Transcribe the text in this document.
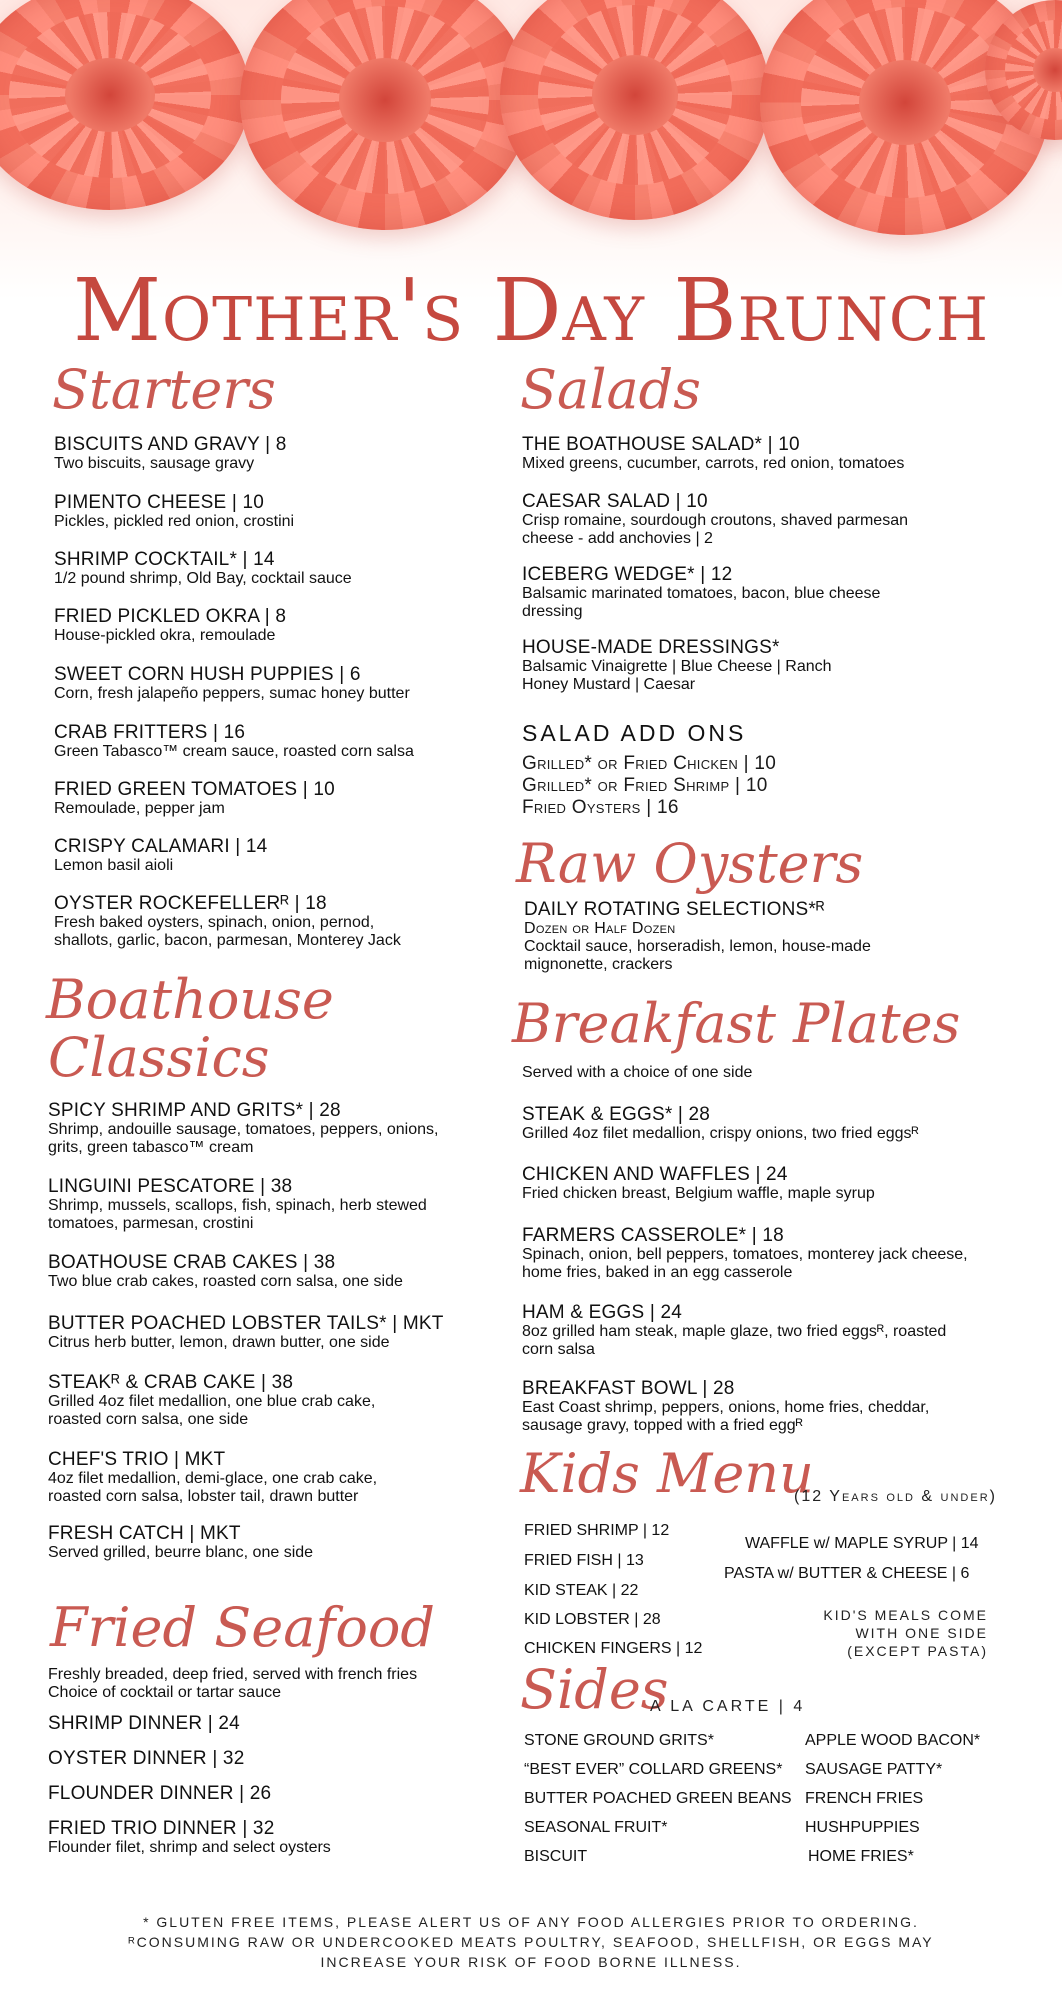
Mother's Day Brunch
Starters
BISCUITS AND GRAVY | 8
Two biscuits, sausage gravy
PIMENTO CHEESE | 10
Pickles, pickled red onion, crostini
SHRIMP COCKTAIL* | 14
1/2 pound shrimp, Old Bay, cocktail sauce
FRIED PICKLED OKRA | 8
House-pickled okra, remoulade
SWEET CORN HUSH PUPPIES | 6
Corn, fresh jalapeño peppers, sumac honey butter
CRAB FRITTERS | 16
Green Tabasco™ cream sauce, roasted corn salsa
FRIED GREEN TOMATOES | 10
Remoulade, pepper jam
CRISPY CALAMARI | 14
Lemon basil aioli
OYSTER ROCKEFELLERᴿ | 18
Fresh baked oysters, spinach, onion, pernod,
shallots, garlic, bacon, parmesan, Monterey Jack
Boathouse
Classics
SPICY SHRIMP AND GRITS* | 28
Shrimp, andouille sausage, tomatoes, peppers, onions,
grits, green tabasco™ cream
LINGUINI PESCATORE | 38
Shrimp, mussels, scallops, fish, spinach, herb stewed
tomatoes, parmesan, crostini
BOATHOUSE CRAB CAKES | 38
Two blue crab cakes, roasted corn salsa, one side
BUTTER POACHED LOBSTER TAILS* | MKT
Citrus herb butter, lemon, drawn butter, one side
STEAKᴿ & CRAB CAKE | 38
Grilled 4oz filet medallion, one blue crab cake,
roasted corn salsa, one side
CHEF'S TRIO | MKT
4oz filet medallion, demi-glace, one crab cake,
roasted corn salsa, lobster tail, drawn butter
FRESH CATCH | MKT
Served grilled, beurre blanc, one side
Fried Seafood
Freshly breaded, deep fried, served with french fries
Choice of cocktail or tartar sauce
SHRIMP DINNER | 24
OYSTER DINNER | 32
FLOUNDER DINNER | 26
FRIED TRIO DINNER | 32
Flounder filet, shrimp and select oysters
Salads
THE BOATHOUSE SALAD* | 10
Mixed greens, cucumber, carrots, red onion, tomatoes
CAESAR SALAD | 10
Crisp romaine, sourdough croutons, shaved parmesan
cheese - add anchovies | 2
ICEBERG WEDGE* | 12
Balsamic marinated tomatoes, bacon, blue cheese
dressing
HOUSE-MADE DRESSINGS*
Balsamic Vinaigrette | Blue Cheese | Ranch
Honey Mustard | Caesar
SALAD ADD ONS
Grilled* or Fried Chicken | 10
Grilled* or Fried Shrimp | 10
Fried Oysters | 16
Raw Oysters
DAILY ROTATING SELECTIONS*ᴿ
Dozen or Half Dozen
Cocktail sauce, horseradish, lemon, house-made
mignonette, crackers
Breakfast Plates
Served with a choice of one side
STEAK & EGGS* | 28
Grilled 4oz filet medallion, crispy onions, two fried eggsᴿ
CHICKEN AND WAFFLES | 24
Fried chicken breast, Belgium waffle, maple syrup
FARMERS CASSEROLE* | 18
Spinach, onion, bell peppers, tomatoes, monterey jack cheese,
home fries, baked in an egg casserole
HAM & EGGS | 24
8oz grilled ham steak, maple glaze, two fried eggsᴿ, roasted
corn salsa
BREAKFAST BOWL | 28
East Coast shrimp, peppers, onions, home fries, cheddar,
sausage gravy, topped with a fried eggᴿ
Kids Menu
(12 Years old & under)
FRIED SHRIMP | 12
FRIED FISH | 13
KID STEAK | 22
KID LOBSTER | 28
CHICKEN FINGERS | 12
WAFFLE w/ MAPLE SYRUP | 14
PASTA w/ BUTTER & CHEESE | 6
KID'S MEALS COME
WITH ONE SIDE
(EXCEPT PASTA)
Sides
A LA CARTE | 4
STONE GROUND GRITS*
“BEST EVER” COLLARD GREENS*
BUTTER POACHED GREEN BEANS
SEASONAL FRUIT*
BISCUIT
APPLE WOOD BACON*
SAUSAGE PATTY*
FRENCH FRIES
HUSHPUPPIES
HOME FRIES*
* GLUTEN FREE ITEMS, PLEASE ALERT US OF ANY FOOD ALLERGIES PRIOR TO ORDERING.
ᴿCONSUMING RAW OR UNDERCOOKED MEATS POULTRY, SEAFOOD, SHELLFISH, OR EGGS MAY
INCREASE YOUR RISK OF FOOD BORNE ILLNESS.
